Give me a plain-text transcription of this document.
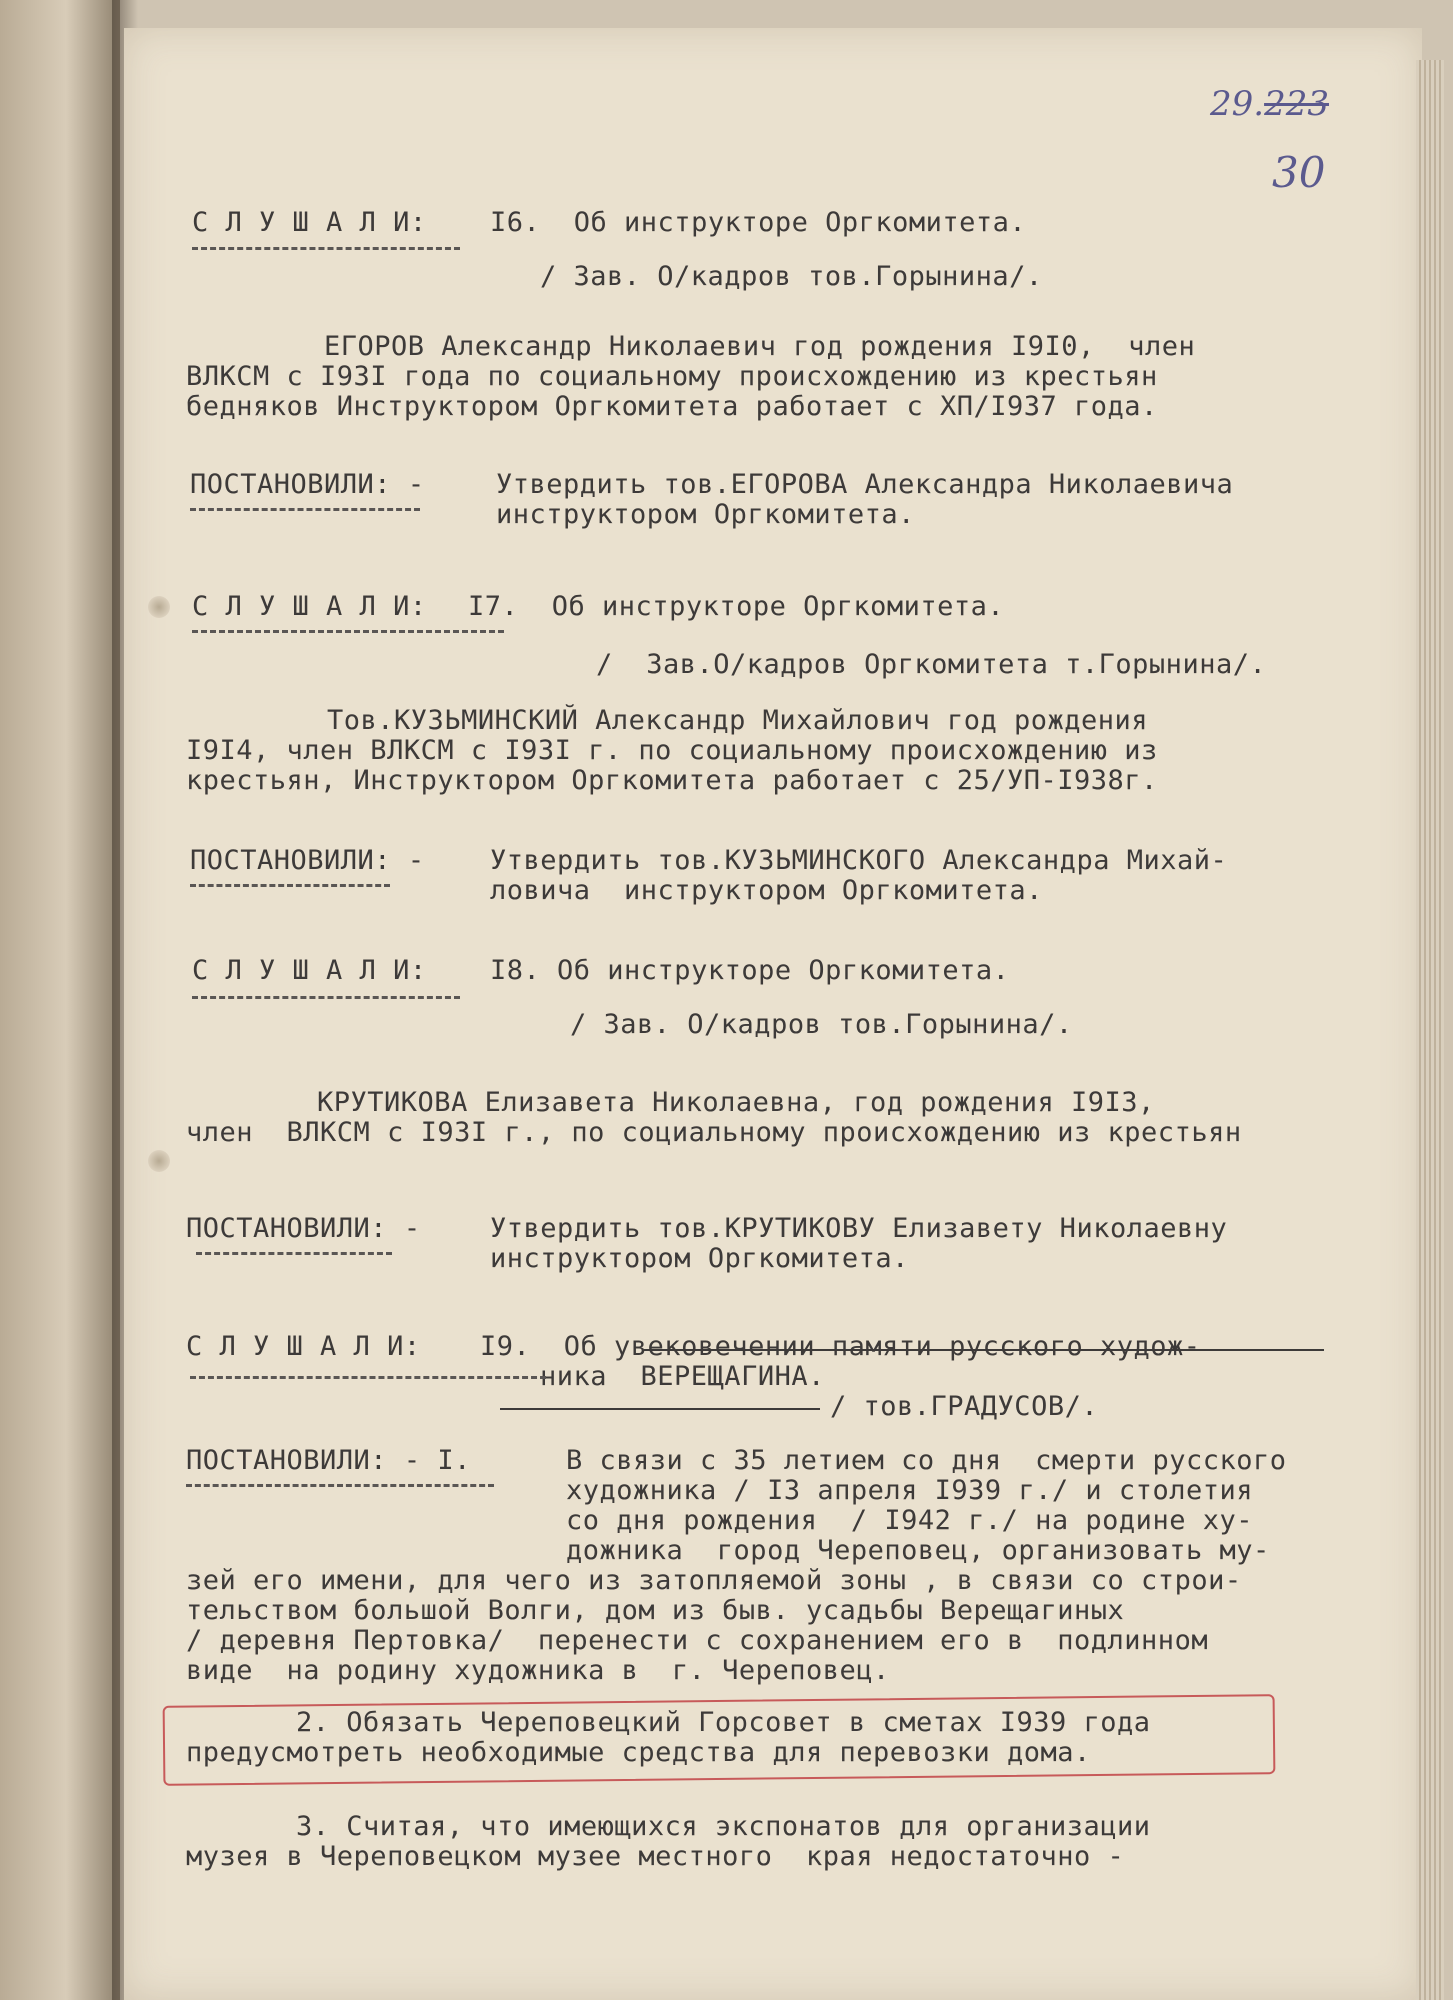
29.223
30
С Л У Ш А Л И: I6.  Об инструкторе Оргкомитета.
/ Зав. О/кадров тов.Горынина/.
ЕГОРОВ Александр Николаевич год рождения I9I0,  член
ВЛКСМ с I93I года по социальному происхождению из крестьян
бедняков Инструктором Оргкомитета работает с XП/I937 года.
ПОСТАНОВИЛИ: -	Утвердить тов.ЕГОРОВА Александра Николаевича
инструктором Оргкомитета.
С Л У Ш А Л И: I7.  Об инструкторе Оргкомитета.
/  Зав.О/кадров Оргкомитета т.Горынина/.
Тов.КУЗЬМИНСКИЙ Александр Михайлович год рождения
I9I4, член ВЛКСМ с I93I г. по социальному происхождению из
крестьян, Инструктором Оргкомитета работает с 25/УП-I938г.
ПОСТАНОВИЛИ: - Утвердить тов.КУЗЬМИНСКОГО Александра Михай-
ловича  инструктором Оргкомитета.
С Л У Ш А Л И: I8. Об инструкторе Оргкомитета.
/ Зав. О/кадров тов.Горынина/.
КРУТИКОВА Елизавета Николаевна, год рождения I9I3,
член  ВЛКСМ с I93I г., по социальному происхождению из крестьян
ПОСТАНОВИЛИ: -	Утвердить тов.КРУТИКОВУ Елизавету Николаевну
инструктором Оргкомитета.
С Л У Ш А Л И: I9.  Об увековечении памяти русского худож-
ника  ВЕРЕЩАГИНА.
/ тов.ГРАДУСОВ/.
ПОСТАНОВИЛИ: - I.	В связи с 35 летием со дня  смерти русского
художника / I3 апреля I939 г./ и столетия
со дня рождения  / I942 г./ на родине ху-
дожника  город Череповец, организовать му-
зей его имени, для чего из затопляемой зоны , в связи со строи-
тельством большой Волги, дом из быв. усадьбы Верещагиных
/ деревня Пертовка/  перенести с сохранением его в  подлинном
виде  на родину художника в  г. Череповец.
2. Обязать Череповецкий Горсовет в сметах I939 года
предусмотреть необходимые средства для перевозки дома.
3. Считая, что имеющихся экспонатов для организации
музея в Череповецком музее местного  края недостаточно -
